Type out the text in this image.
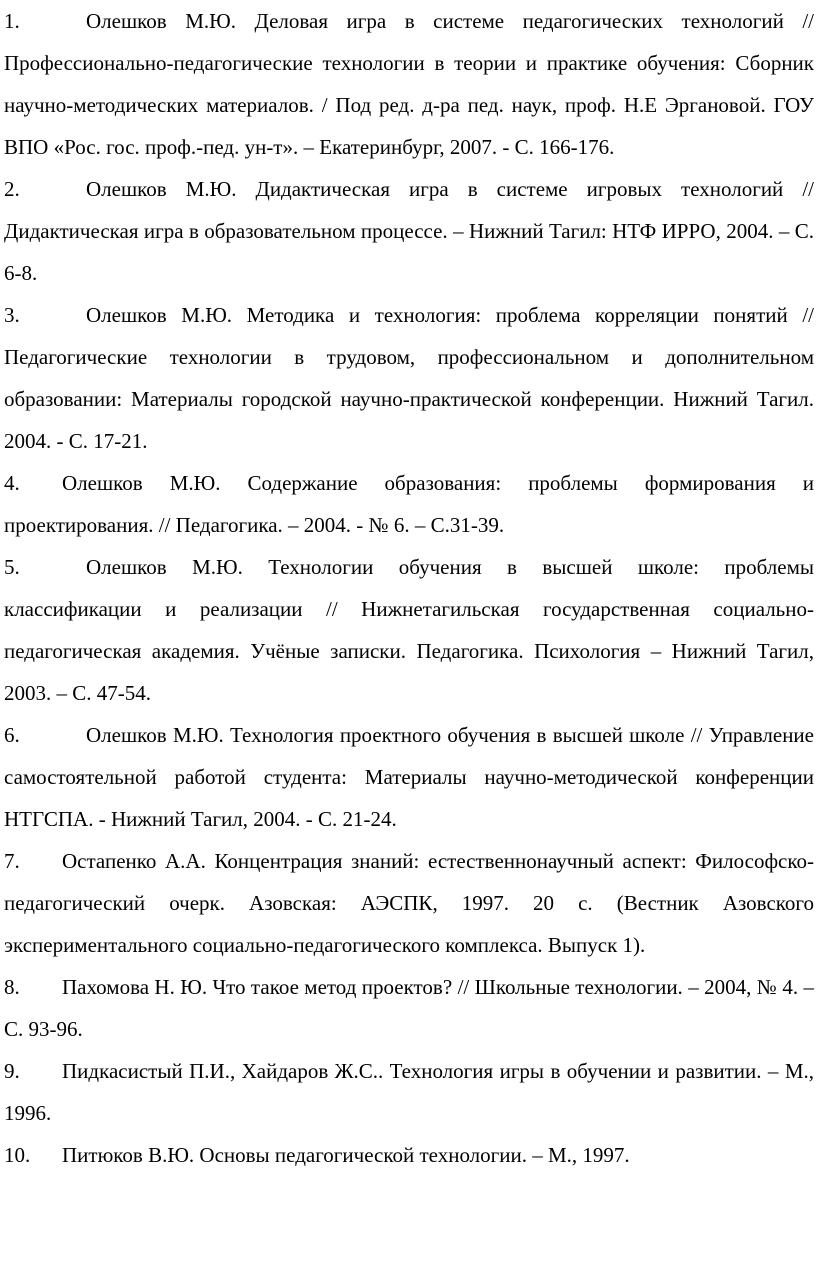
1.	Олешков М.Ю. Деловая игра в системе педагогических технологий // Профессионально-педагогические технологии в теории и практике обучения: Сборник научно-методических материалов. / Под ред. д-ра пед. наук, проф. Н.Е Эргановой. ГОУ ВПО «Рос. гос. проф.-пед. ун-т». – Екатеринбург, 2007. - С. 166-176.

2.	Олешков М.Ю. Дидактическая игра в системе игровых технологий // Дидактическая игра в образовательном процессе. – Нижний Тагил: НТФ ИРРО, 2004. – С. 6-8.

3.	Олешков М.Ю. Методика и технология: проблема корреляции понятий // Педагогические технологии в трудовом, профессиональном и дополнительном образовании: Материалы городской научно-практической конференции. Нижний Тагил. 2004. - С. 17-21.

4. Олешков М.Ю. Содержание образования: проблемы формирования и проектирования. // Педагогика. – 2004. - № 6. – С.31-39.

5.	Олешков М.Ю. Технологии обучения в высшей школе: проблемы классификации и реализации // Нижнетагильская государственная социально-педагогическая академия. Учёные записки. Педагогика. Психология – Нижний Тагил, 2003. – С. 47-54.

6.	Олешков М.Ю. Технология проектного обучения в высшей школе // Управление самостоятельной работой студента: Материалы научно-методической конференции НТГСПА. - Нижний Тагил, 2004. - С. 21-24.

7. Остапенко А.А. Концентрация знаний: естественнонаучный аспект: Философско-педагогический очерк. Азовская: АЭСПК, 1997. 20 с. (Вестник Азовского экспериментального социально-педагогического комплекса. Выпуск 1).

8. Пахомова Н. Ю. Что такое метод проектов? // Школьные технологии. – 2004, № 4. – С. 93-96.

9. Пидкасистый П.И., Хайдаров Ж.С.. Технология игры в обучении и развитии. – М., 1996.

10. Питюков В.Ю. Основы педагогической технологии. – М., 1997.
